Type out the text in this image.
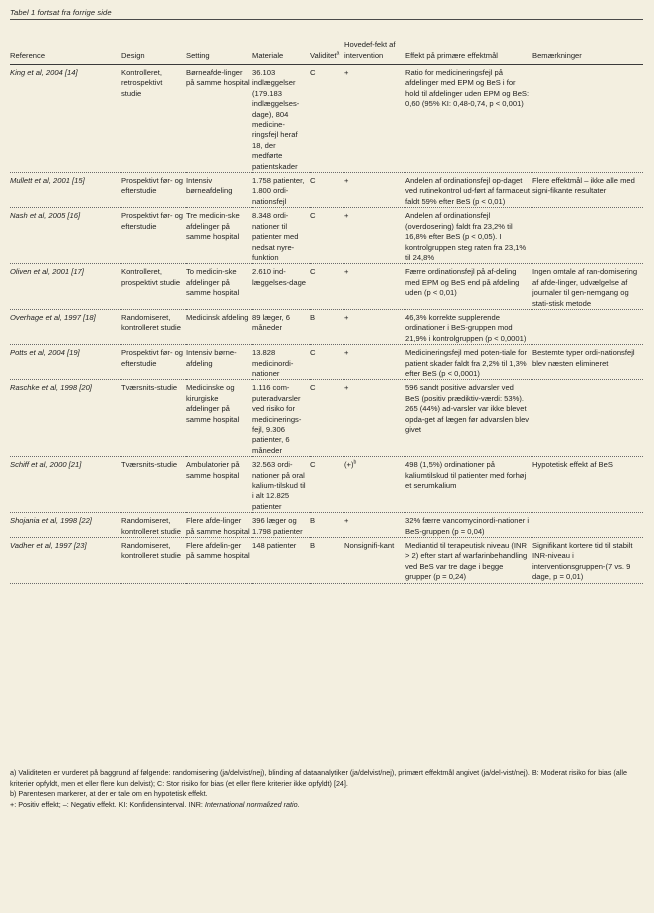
Tabel 1 fortsat fra forrige side
Reference	Design	Setting	Materiale	Validitet$^a$	Hovedef-fekt af intervention	Effekt på primære effektmål	Bemærkninger
King et al, 2004 [14]	Kontrolleret, retrospektivt studie	Børneafde-linger på samme hospital	36.103 indlæggelser (179.183 indlæggelses-dage), 804 medicine-ringsfejl heraf 18, der medførte patientskader	C	+	Ratio for medicineringsfejl på afdelinger med EPM og BeS i for hold til afdelinger uden EPM og BeS: 0,60 (95% KI: 0,48-0,74, p < 0,001)	
Mullett et al, 2001 [15]	Prospektivt før- og efterstudie	Intensiv børneafdeling	1.758 patienter, 1.800 ordi-nationsfejl	C	+	Andelen af ordinationsfejl op-daget ved rutinekontrol ud-ført af farmaceut faldt 59% efter BeS (p < 0,01)	Flere effektmål – ikke alle med signi-fikante resultater
Nash et al, 2005 [16]	Prospektivt før- og efterstudie	Tre medicin-ske afdelinger på samme hospital	8.348 ordi-nationer til patienter med nedsat nyre-funktion	C	+	Andelen af ordinationsfejl (overdosering) faldt fra 23,2% til 16,8% efter BeS (p < 0,05). I kontrolgruppen steg raten fra 23,1% til 24,8%	
Oliven et al, 2001 [17]	Kontrolleret, prospektivt studie	To medicin-ske afdelinger på samme hospital	2.610 ind-læggelses-dage	C	+	Færre ordinationsfejl på af-deling med EPM og BeS end på afdeling uden (p < 0,01)	Ingen omtale af ran-domisering af afde-linger, udvælgelse af journaler til gen-nemgang og stati-stisk metode
Overhage et al, 1997 [18]	Randomiseret, kontrolleret studie	Medicinsk afdeling	89 læger, 6 måneder	B	+	46,3% korrekte supplerende ordinationer i BeS-gruppen mod 21,9% i kontrolgruppen (p < 0,0001)	
Potts et al, 2004 [19]	Prospektivt før- og efterstudie	Intensiv børne-afdeling	13.828 medicinordi-nationer	C	+	Medicineringsfejl med poten-tiale for patient skader faldt fra 2,2% til 1,3% efter BeS (p < 0,0001)	Bestemte typer ordi-nationsfejl blev næsten elimineret
Raschke et al, 1998 [20]	Tværsnits-studie	Medicinske og kirurgiske afdelinger på samme hospital	1.116 com-puteradvarsler ved risiko for medicinerings-fejl, 9.306 patienter, 6 måneder	C	+	596 sandt positive advarsler ved BeS (positiv prædiktiv-værdi: 53%). 265 (44%) ad-varsler var ikke blevet opda-get af lægen før advarslen blev givet	
Schiff et al, 2000 [21]	Tværsnits-studie	Ambulatorier på samme hospital	32.563 ordi-nationer på oral kalium-tilskud til i alt 12.825 patienter	C	$(+)^b$	498 (1,5%) ordinationer på kaliumtilskud til patienter med forhøj et serumkalium	Hypotetisk effekt af BeS
Shojania et al, 1998 [22]	Randomiseret, kontrolleret studie	Flere afde-linger på samme hospital	396 læger og 1.798 patienter	B	+	32% færre vancomycinordi-nationer i BeS-gruppen (p = 0,04)	
Vadher et al, 1997 [23]	Randomiseret, kontrolleret studie	Flere afdelin-ger på samme hospital	148 patienter	B	Nonsignifi-kant	Mediantid til terapeutisk niveau (INR > 2) efter start af warfarinbehandling ved BeS var tre dage i begge grupper (p = 0,24)	Signifikant kortere tid til stabilt INR-niveau i interventionsgruppen-(7 vs. 9 dage, p = 0,01)

a) Validiteten er vurderet på baggrund af følgende: randomisering (ja/delvist/nej), blinding af dataanalytiker (ja/delvist/nej), primært effektmål angivet (ja/del-vist/nej). B: Moderat risiko for bias (alle kriterier opfyldt, men et eller flere kun delvist); C: Stor risiko for bias (et eller flere kriterier ikke opfyldt) [24].

b) Parentesen markerer, at der er tale om en hypotetisk effekt.

+: Positiv effekt; –: Negativ effekt. KI: Konfidensinterval. INR: International normalized ratio.
